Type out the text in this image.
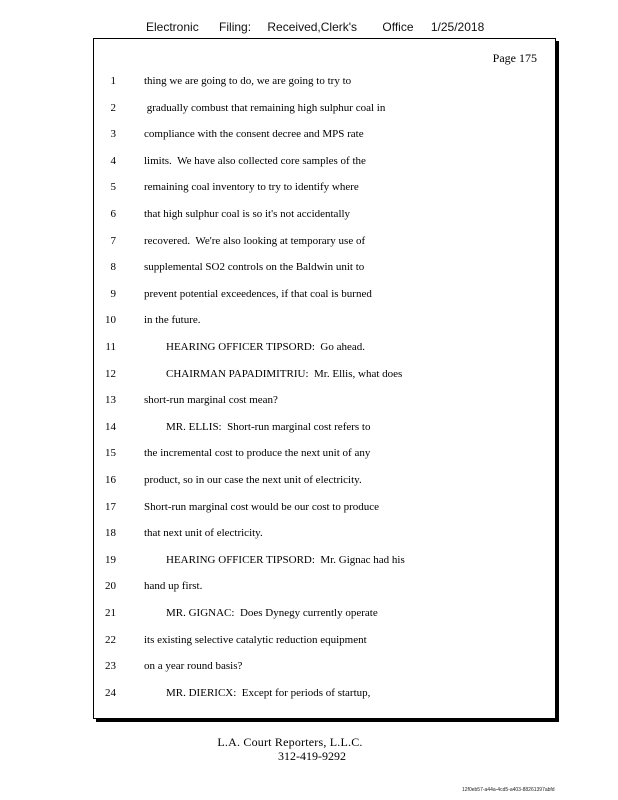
Electronic Filing: Received,Clerk's Office 1/25/2018
Page 175
1	thing we are going to do, we are going to try to
2	gradually combust that remaining high sulphur coal in
3	compliance with the consent decree and MPS rate
4	limits.  We have also collected core samples of the
5	remaining coal inventory to try to identify where
6	that high sulphur coal is so it's not accidentally
7	recovered.  We're also looking at temporary use of
8	supplemental SO2 controls on the Baldwin unit to
9	prevent potential exceedences, if that coal is burned
10	in the future.
11	HEARING OFFICER TIPSORD:  Go ahead.
12	CHAIRMAN PAPADIMITRIU:  Mr. Ellis, what does
13	short-run marginal cost mean?
14	MR. ELLIS:  Short-run marginal cost refers to
15	the incremental cost to produce the next unit of any
16	product, so in our case the next unit of electricity.
17	Short-run marginal cost would be our cost to produce
18	that next unit of electricity.
19	HEARING OFFICER TIPSORD:  Mr. Gignac had his
20	hand up first.
21	MR. GIGNAC:  Does Dynegy currently operate
22	its existing selective catalytic reduction equipment
23	on a year round basis?
24	MR. DIERICX:  Except for periods of startup,
L.A. Court Reporters, L.L.C.
312-419-9292
12f0eb57-a44a-4cd5-a403-88261397abfd
